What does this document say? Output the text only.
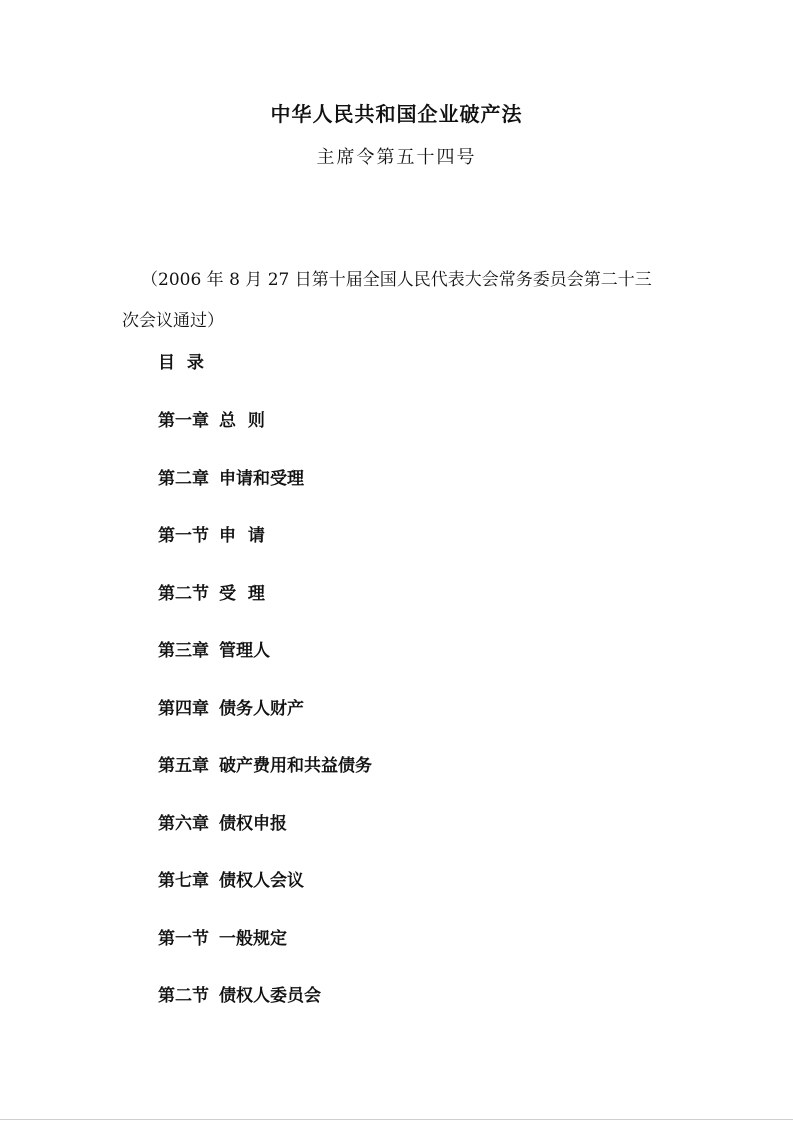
中华人民共和国企业破产法
主席令第五十四号
（2006 年 8 月 27 日第十届全国人民代表大会常务委员会第二十三次会议通过）
目  录
第一章 总  则
第二章 申请和受理
第一节 申  请
第二节 受  理
第三章 管理人
第四章 债务人财产
第五章 破产费用和共益债务
第六章 债权申报
第七章 债权人会议
第一节 一般规定
第二节 债权人委员会
